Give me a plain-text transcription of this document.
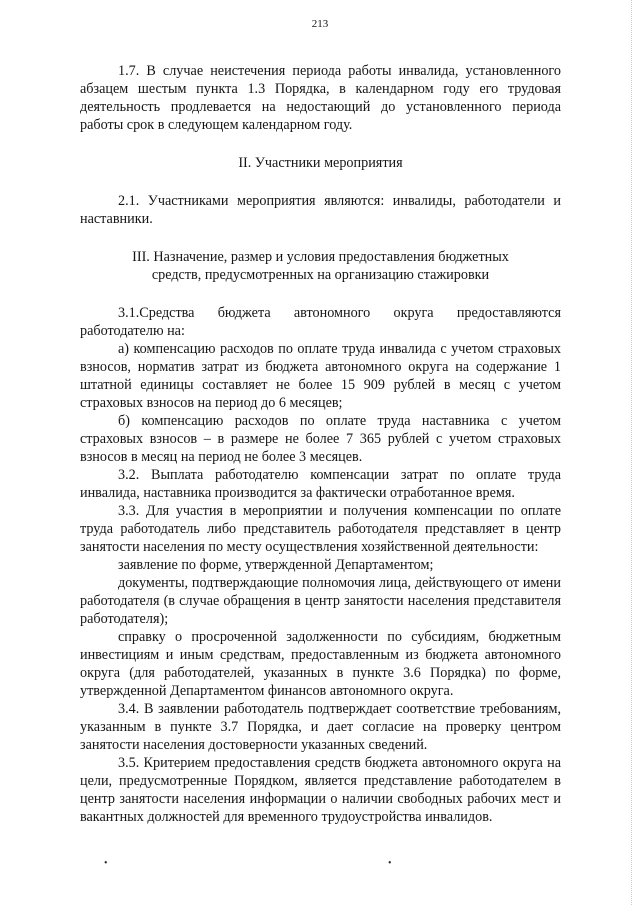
213

1.7. В случае неистечения периода работы инвалида, установленного абзацем шестым пункта 1.3 Порядка, в календарном году его трудовая деятельность продлевается на недостающий до установленного периода работы срок в следующем календарном году.

II. Участники мероприятия

2.1. Участниками мероприятия являются: инвалиды, работодатели и наставники.

III. Назначение, размер и условия предоставления бюджетных

средств, предусмотренных на организацию стажировки

3.1.Средства бюджета автономного округа предоставляются работодателю на:

а) компенсацию расходов по оплате труда инвалида с учетом страховых взносов, норматив затрат из бюджета автономного округа на содержание 1 штатной единицы составляет не более 15 909 рублей в месяц с учетом страховых взносов на период до 6 месяцев;

б) компенсацию расходов по оплате труда наставника с учетом страховых взносов – в размере не более 7 365 рублей с учетом страховых взносов в месяц на период не более 3 месяцев.

3.2. Выплата работодателю компенсации затрат по оплате труда инвалида, наставника производится за фактически отработанное время.

3.3. Для участия в мероприятии и получения компенсации по оплате труда работодатель либо представитель работодателя представляет в центр занятости населения по месту осуществления хозяйственной деятельности:

заявление по форме, утвержденной Департаментом;

документы, подтверждающие полномочия лица, действующего от имени работодателя (в случае обращения в центр занятости населения представителя работодателя);

справку о просроченной задолженности по субсидиям, бюджетным инвестициям и иным средствам, предоставленным из бюджета автономного округа (для работодателей, указанных в пункте 3.6 Порядка) по форме, утвержденной Департаментом финансов автономного округа.

3.4. В заявлении работодатель подтверждает соответствие требованиям, указанным в пункте 3.7 Порядка, и дает согласие на проверку центром занятости населения достоверности указанных сведений.

3.5. Критерием предоставления средств бюджета автономного округа на цели, предусмотренные Порядком, является представление работодателем в центр занятости населения информации о наличии свободных рабочих мест и вакантных должностей для временного трудоустройства инвалидов.

•	•
